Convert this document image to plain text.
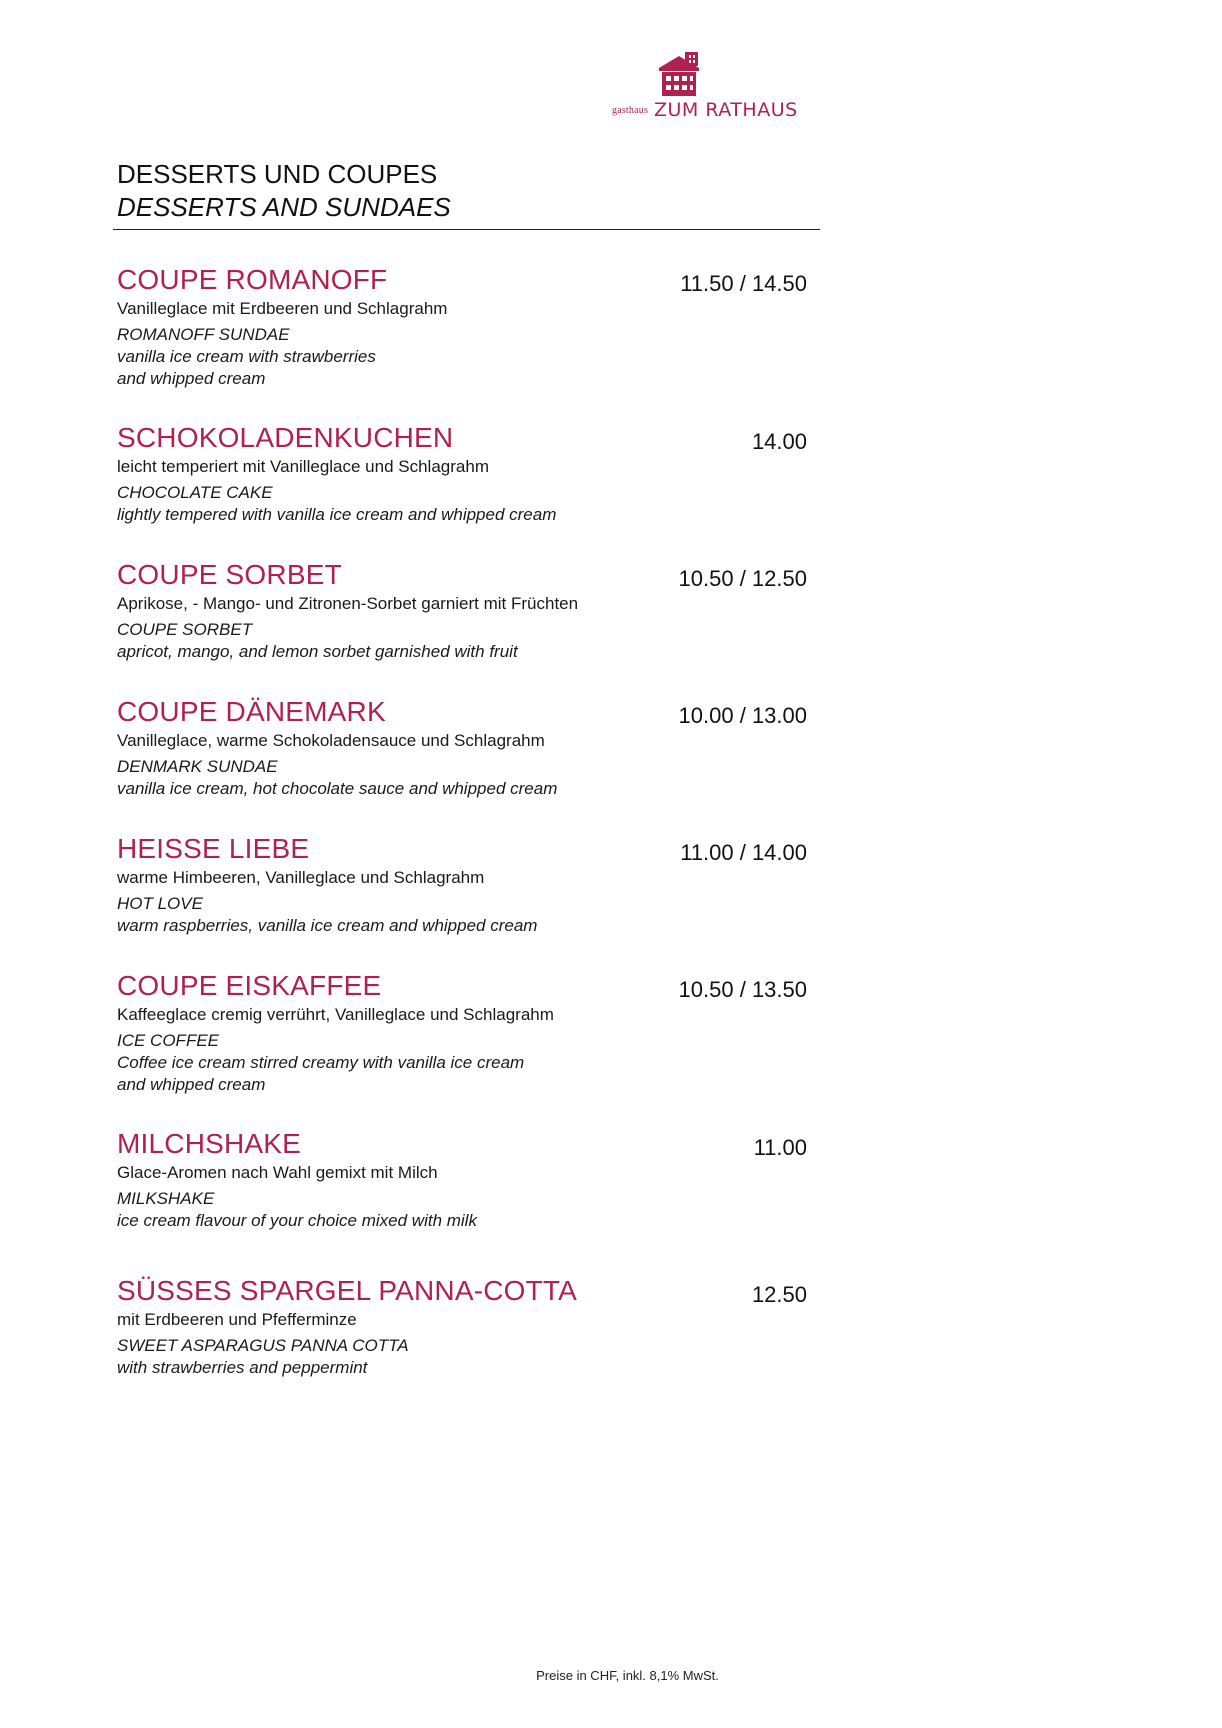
gasthaus ZUM RATHAUS
DESSERTS UND COUPES
DESSERTS AND SUNDAES
COUPE ROMANOFF	11.50 / 14.50
Vanilleglace mit Erdbeeren und Schlagrahm
ROMANOFF SUNDAE
vanilla ice cream with strawberries
and whipped cream
SCHOKOLADENKUCHEN	14.00
leicht temperiert mit Vanilleglace und Schlagrahm
CHOCOLATE CAKE
lightly tempered with vanilla ice cream and whipped cream
COUPE SORBET	10.50 / 12.50
Aprikose, - Mango- und Zitronen-Sorbet garniert mit Früchten
COUPE SORBET
apricot, mango, and lemon sorbet garnished with fruit
COUPE DÄNEMARK	10.00 / 13.00
Vanilleglace, warme Schokoladensauce und Schlagrahm
DENMARK SUNDAE
vanilla ice cream, hot chocolate sauce and whipped cream
HEISSE LIEBE	11.00 / 14.00
warme Himbeeren, Vanilleglace und Schlagrahm
HOT LOVE
warm raspberries, vanilla ice cream and whipped cream
COUPE EISKAFFEE	10.50 / 13.50
Kaffeeglace cremig verrührt, Vanilleglace und Schlagrahm
ICE COFFEE
Coffee ice cream stirred creamy with vanilla ice cream
and whipped cream
MILCHSHAKE	11.00
Glace-Aromen nach Wahl gemixt mit Milch
MILKSHAKE
ice cream flavour of your choice mixed with milk
SÜSSES SPARGEL PANNA-COTTA	12.50
mit Erdbeeren und Pfefferminze
SWEET ASPARAGUS PANNA COTTA
with strawberries and peppermint
Preise in CHF, inkl. 8,1% MwSt.
